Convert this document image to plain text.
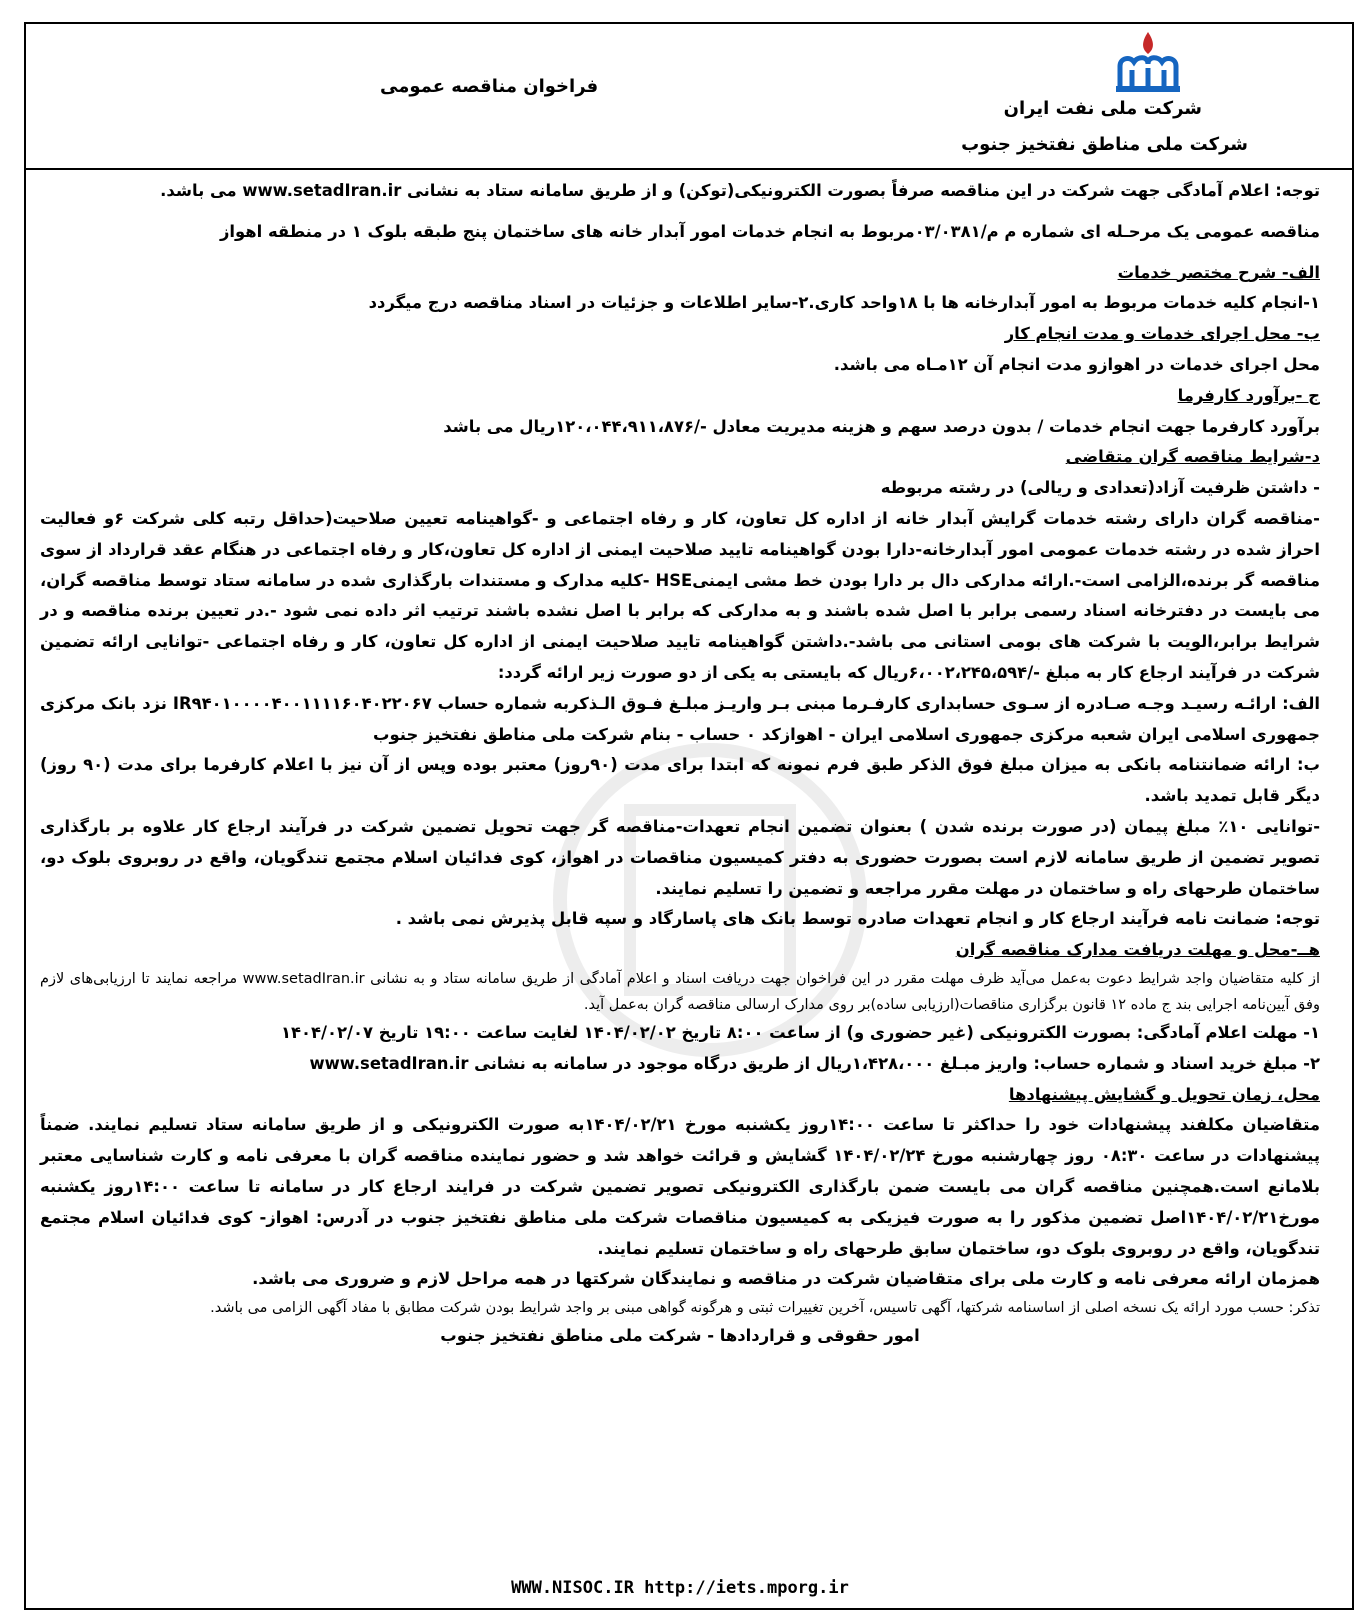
فراخوان مناقصه عمومی
شرکت ملی نفت ایران
شرکت ملی مناطق نفتخیز جنوب

توجه: اعلام آمادگی جهت شرکت در این مناقصه صرفاً بصورت الکترونیکی(توکن) و از طریق سامانه ستاد به نشانی www.setadIran.ir می باشد.

مناقصه عمومی یک مرحـله ای شماره م م/۰۳/۰۳۸۱مربوط به انجام خدمات امور آبدار خانه های ساختمان پنج طبقه بلوک ۱ در منطقه اهواز

الف- شرح مختصر خدمات

۱-انجام کلیه خدمات مربوط به امور آبدارخانه ها با ۱۸واحد کاری.۲-سایر اطلاعات و جزئیات در اسناد مناقصه درج میگردد

ب- محل اجرای خدمات و مدت انجام کار

محل اجرای خدمات در اهوازو مدت انجام آن ۱۲مـاه می باشد.

ج -برآورد کارفرما

برآورد کارفرما جهت انجام خدمات / بدون درصد سهم و هزینه مدیریت معادل -/۱۲۰،۰۴۴،۹۱۱،۸۷۶ریال می باشد

د-شرایط مناقصه گران متقاضی

- داشتن ظرفیت آزاد(تعدادی و ریالی) در رشته مربوطه

-مناقصه گران دارای رشته خدمات گرایش آبدار خانه از اداره کل تعاون، کار و رفاه اجتماعی و -گواهینامه تعیین صلاحیت(حداقل رتبه کلی شرکت ۶و فعالیت احراز شده در رشته خدمات عمومی امور آبدارخانه-دارا بودن گواهینامه تایید صلاحیت ایمنی از اداره کل تعاون،کار و رفاه اجتماعی در هنگام عقد قرارداد از سوی مناقصه گر برنده،الزامی است-.ارائه مدارکی دال بر دارا بودن خط مشی ایمنیHSE -کلیه مدارک و مستندات بارگذاری شده در سامانه ستاد توسط مناقصه گران، می بایست در دفترخانه اسناد رسمی برابر با اصل شده باشند و به مدارکی که برابر با اصل نشده باشند ترتیب اثر داده نمی شود -.در تعیین برنده مناقصه و در شرایط برابر،الویت با شرکت های بومی استانی می باشد-.داشتن گواهینامه تایید صلاحیت ایمنی از اداره کل تعاون، کار و رفاه اجتماعی -توانایی ارائه تضمین شرکت در فرآیند ارجاع کار به مبلغ -/۶،۰۰۲،۲۴۵،۵۹۴ریال که بایستی به یکی از دو صورت زیر ارائه گردد:

الف: ارائـه رسیـد وجـه صـادره از سـوی حسابداری کارفـرما مبنی بـر واریـز مبلـغ فـوق الـذکربه شماره حساب IR۹۴۰۱۰۰۰۰۴۰۰۱۱۱۱۶۰۴۰۲۲۰۶۷ نزد بانک مرکزی جمهوری اسلامی ایران شعبه مرکزی جمهوری اسلامی ایران - اهوازکد ۰ حساب - بنام شرکت ملی مناطق نفتخیز جنوب

ب: ارائه ضمانتنامه بانکی به میزان مبلغ فوق الذکر طبق فرم نمونه که ابتدا برای مدت (۹۰روز) معتبر بوده وپس از آن نیز با اعلام کارفرما برای مدت (۹۰ روز) دیگر قابل تمدید باشد.

-توانایی ۱۰٪ مبلغ پیمان (در صورت برنده شدن ) بعنوان تضمین انجام تعهدات-مناقصه گر جهت تحویل تضمین شرکت در فرآیند ارجاع کار علاوه بر بارگذاری تصویر تضمین از طریق سامانه لازم است بصورت حضوری به دفتر کمیسیون مناقصات در اهواز، کوی فدائیان اسلام مجتمع تندگویان، واقع در روبروی بلوک دو، ساختمان طرحهای راه و ساختمان در مهلت مقرر مراجعه و تضمین را تسلیم نمایند.

توجه: ضمانت نامه فرآیند ارجاع کار و انجام تعهدات صادره توسط بانک های پاسارگاد و سپه قابل پذیرش نمی باشد .

هــ-محل و مهلت دریافت مدارک مناقصه گران

از کلیه متقاضیان واجد شرایط دعوت به‌عمل می‌آید ظرف مهلت مقرر در این فراخوان جهت دریافت اسناد و اعلام آمادگی از طریق سامانه ستاد و به نشانی www.setadIran.ir مراجعه نمایند تا ارزیابی‌های لازم وفق آیین‌نامه اجرایی بند ج ماده ۱۲ قانون برگزاری مناقصات(ارزیابی ساده)بر روی مدارک ارسالی مناقصه گران به‌عمل آید.

۱- مهلت اعلام آمادگی: بصورت الکترونیکی (غیر حضوری و) از ساعت ۸:۰۰ تاریخ ۱۴۰۴/۰۲/۰۲ لغایت ساعت ۱۹:۰۰ تاریخ ۱۴۰۴/۰۲/۰۷

۲- مبلغ خرید اسناد و شماره حساب: واریز مبـلغ ۱،۴۲۸،۰۰۰ریال از طریق درگاه موجود در سامانه به نشانی www.setadIran.ir

محل، زمان تحویل و گشایش پیشنهادها

متقاضیان مکلفند پیشنهادات خود را حداکثر تا ساعت ۱۴:۰۰روز یکشنبه مورخ ۱۴۰۴/۰۲/۲۱به صورت الکترونیکی و از طریق سامانه ستاد تسلیم نمایند. ضمناً پیشنهادات در ساعت ۰۸:۳۰ روز چهارشنبه مورخ ۱۴۰۴/۰۲/۲۴ گشایش و قرائت خواهد شد و حضور نماینده مناقصه گران با معرفی نامه و کارت شناسایی معتبر بلامانع است.همچنین مناقصه گران می بایست ضمن بارگذاری الکترونیکی تصویر تضمین شرکت در فرایند ارجاع کار در سامانه تا ساعت ۱۴:۰۰روز یکشنبه مورخ۱۴۰۴/۰۲/۲۱اصل تضمین مذکور را به صورت فیزیکی به کمیسیون مناقصات شرکت ملی مناطق نفتخیز جنوب در آدرس: اهواز- کوی فدائیان اسلام مجتمع تندگویان، واقع در روبروی بلوک دو، ساختمان سابق طرحهای راه و ساختمان تسلیم نمایند.

همزمان ارائه معرفی نامه و کارت ملی برای متقاضیان شرکت در مناقصه و نمایندگان شرکتها در همه مراحل لازم و ضروری می باشد.

تذکر: حسب مورد ارائه یک نسخه اصلی از اساسنامه شرکتها، آگهی تاسیس، آخرین تغییرات ثبتی و هرگونه گواهی مبنی بر واجد شرایط بودن شرکت مطابق با مفاد آگهی الزامی می باشد.

امور حقوقی و قراردادها - شرکت ملی مناطق نفتخیز جنوب

WWW.NISOC.IR http://iets.mporg.ir
